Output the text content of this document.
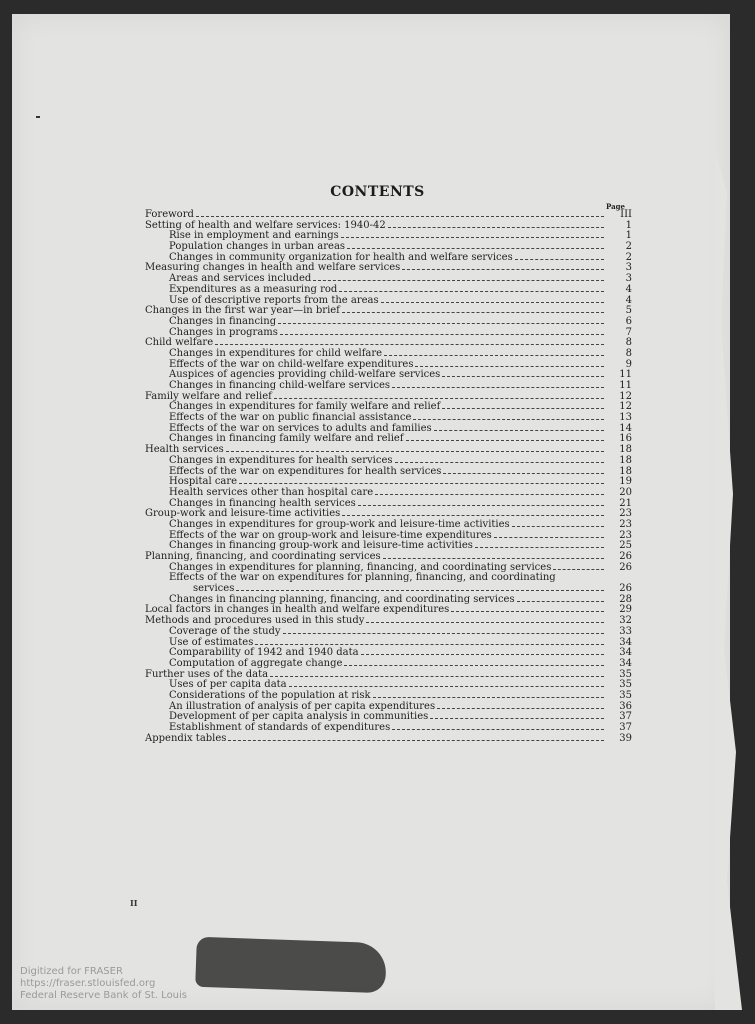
CONTENTS
Page
Foreword	III
Setting of health and welfare services: 1940-42	1
Rise in employment and earnings	1
Population changes in urban areas	2
Changes in community organization for health and welfare services	2
Measuring changes in health and welfare services	3
Areas and services included	3
Expenditures as a measuring rod	4
Use of descriptive reports from the areas	4
Changes in the first war year—in brief	5
Changes in financing	6
Changes in programs	7
Child welfare	8
Changes in expenditures for child welfare	8
Effects of the war on child-welfare expenditures	9
Auspices of agencies providing child-welfare services	11
Changes in financing child-welfare services	11
Family welfare and relief	12
Changes in expenditures for family welfare and relief	12
Effects of the war on public financial assistance	13
Effects of the war on services to adults and families	14
Changes in financing family welfare and relief	16
Health services	18
Changes in expenditures for health services	18
Effects of the war on expenditures for health services	18
Hospital care	19
Health services other than hospital care	20
Changes in financing health services	21
Group-work and leisure-time activities	23
Changes in expenditures for group-work and leisure-time activities	23
Effects of the war on group-work and leisure-time expenditures	23
Changes in financing group-work and leisure-time activities	25
Planning, financing, and coordinating services	26
Changes in expenditures for planning, financing, and coordinating services	26
Effects of the war on expenditures for planning, financing, and coordinating
services	26
Changes in financing planning, financing, and coordinating services	28
Local factors in changes in health and welfare expenditures	29
Methods and procedures used in this study	32
Coverage of the study	33
Use of estimates	34
Comparability of 1942 and 1940 data	34
Computation of aggregate change	34
Further uses of the data	35
Uses of per capita data	35
Considerations of the population at risk	35
An illustration of analysis of per capita expenditures	36
Development of per capita analysis in communities	37
Establishment of standards of expenditures	37
Appendix tables	39
II
Digitized for FRASER
https://fraser.stlouisfed.org
Federal Reserve Bank of St. Louis
